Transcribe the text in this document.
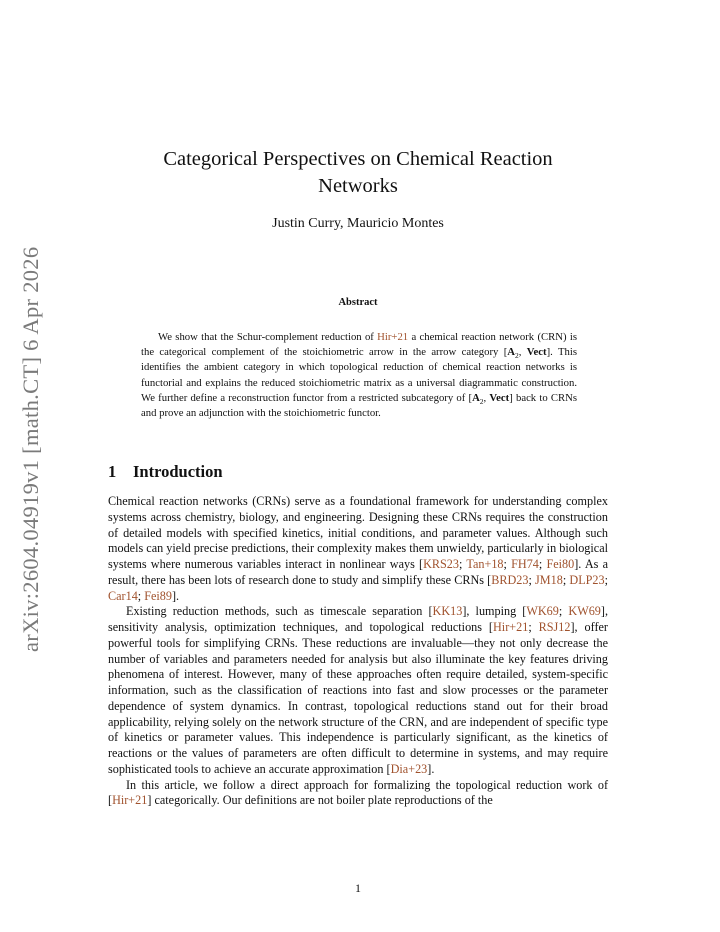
arXiv:2604.04919v1 [math.CT] 6 Apr 2026
Categorical Perspectives on Chemical Reaction
Networks
Justin Curry, Mauricio Montes
Abstract
We show that the Schur-complement reduction of Hir+21 a chemical reaction network (CRN) is the categorical complement of the stoichiometric arrow in the arrow category [$A_2$, Vect]. This identifies the ambient category in which topological reduction of chemical reaction networks is functorial and explains the reduced stoichiometric matrix as a universal diagrammatic construction. We further define a reconstruction functor from a restricted subcategory of [$A_2$, Vect] back to CRNs and prove an adjunction with the stoichiometric functor.
1 Introduction

Chemical reaction networks (CRNs) serve as a foundational framework for understanding complex systems across chemistry, biology, and engineering. Designing these CRNs requires the construction of detailed models with specified kinetics, initial conditions, and parameter values. Although such models can yield precise predictions, their complexity makes them unwieldy, particularly in biological systems where numerous variables interact in nonlinear ways [KRS23; Tan+18; FH74; Fei80]. As a result, there has been lots of research done to study and simplify these CRNs [BRD23; JM18; DLP23; Car14; Fei89].

Existing reduction methods, such as timescale separation [KK13], lumping [WK69; KW69], sensitivity analysis, optimization techniques, and topological reductions [Hir+21; RSJ12], offer powerful tools for simplifying CRNs. These reductions are invaluable—they not only decrease the number of variables and parameters needed for analysis but also illuminate the key features driving phenomena of interest. However, many of these approaches often require detailed, system-specific information, such as the classification of reactions into fast and slow processes or the parameter dependence of system dynamics. In contrast, topological reductions stand out for their broad applicability, relying solely on the network structure of the CRN, and are independent of specific type of kinetics or parameter values. This independence is particularly significant, as the kinetics of reactions or the values of parameters are often difficult to determine in systems, and may require sophisticated tools to achieve an accurate approximation [Dia+23].

In this article, we follow a direct approach for formalizing the topological reduction work of [Hir+21] categorically. Our definitions are not boiler plate reproductions of the

1
